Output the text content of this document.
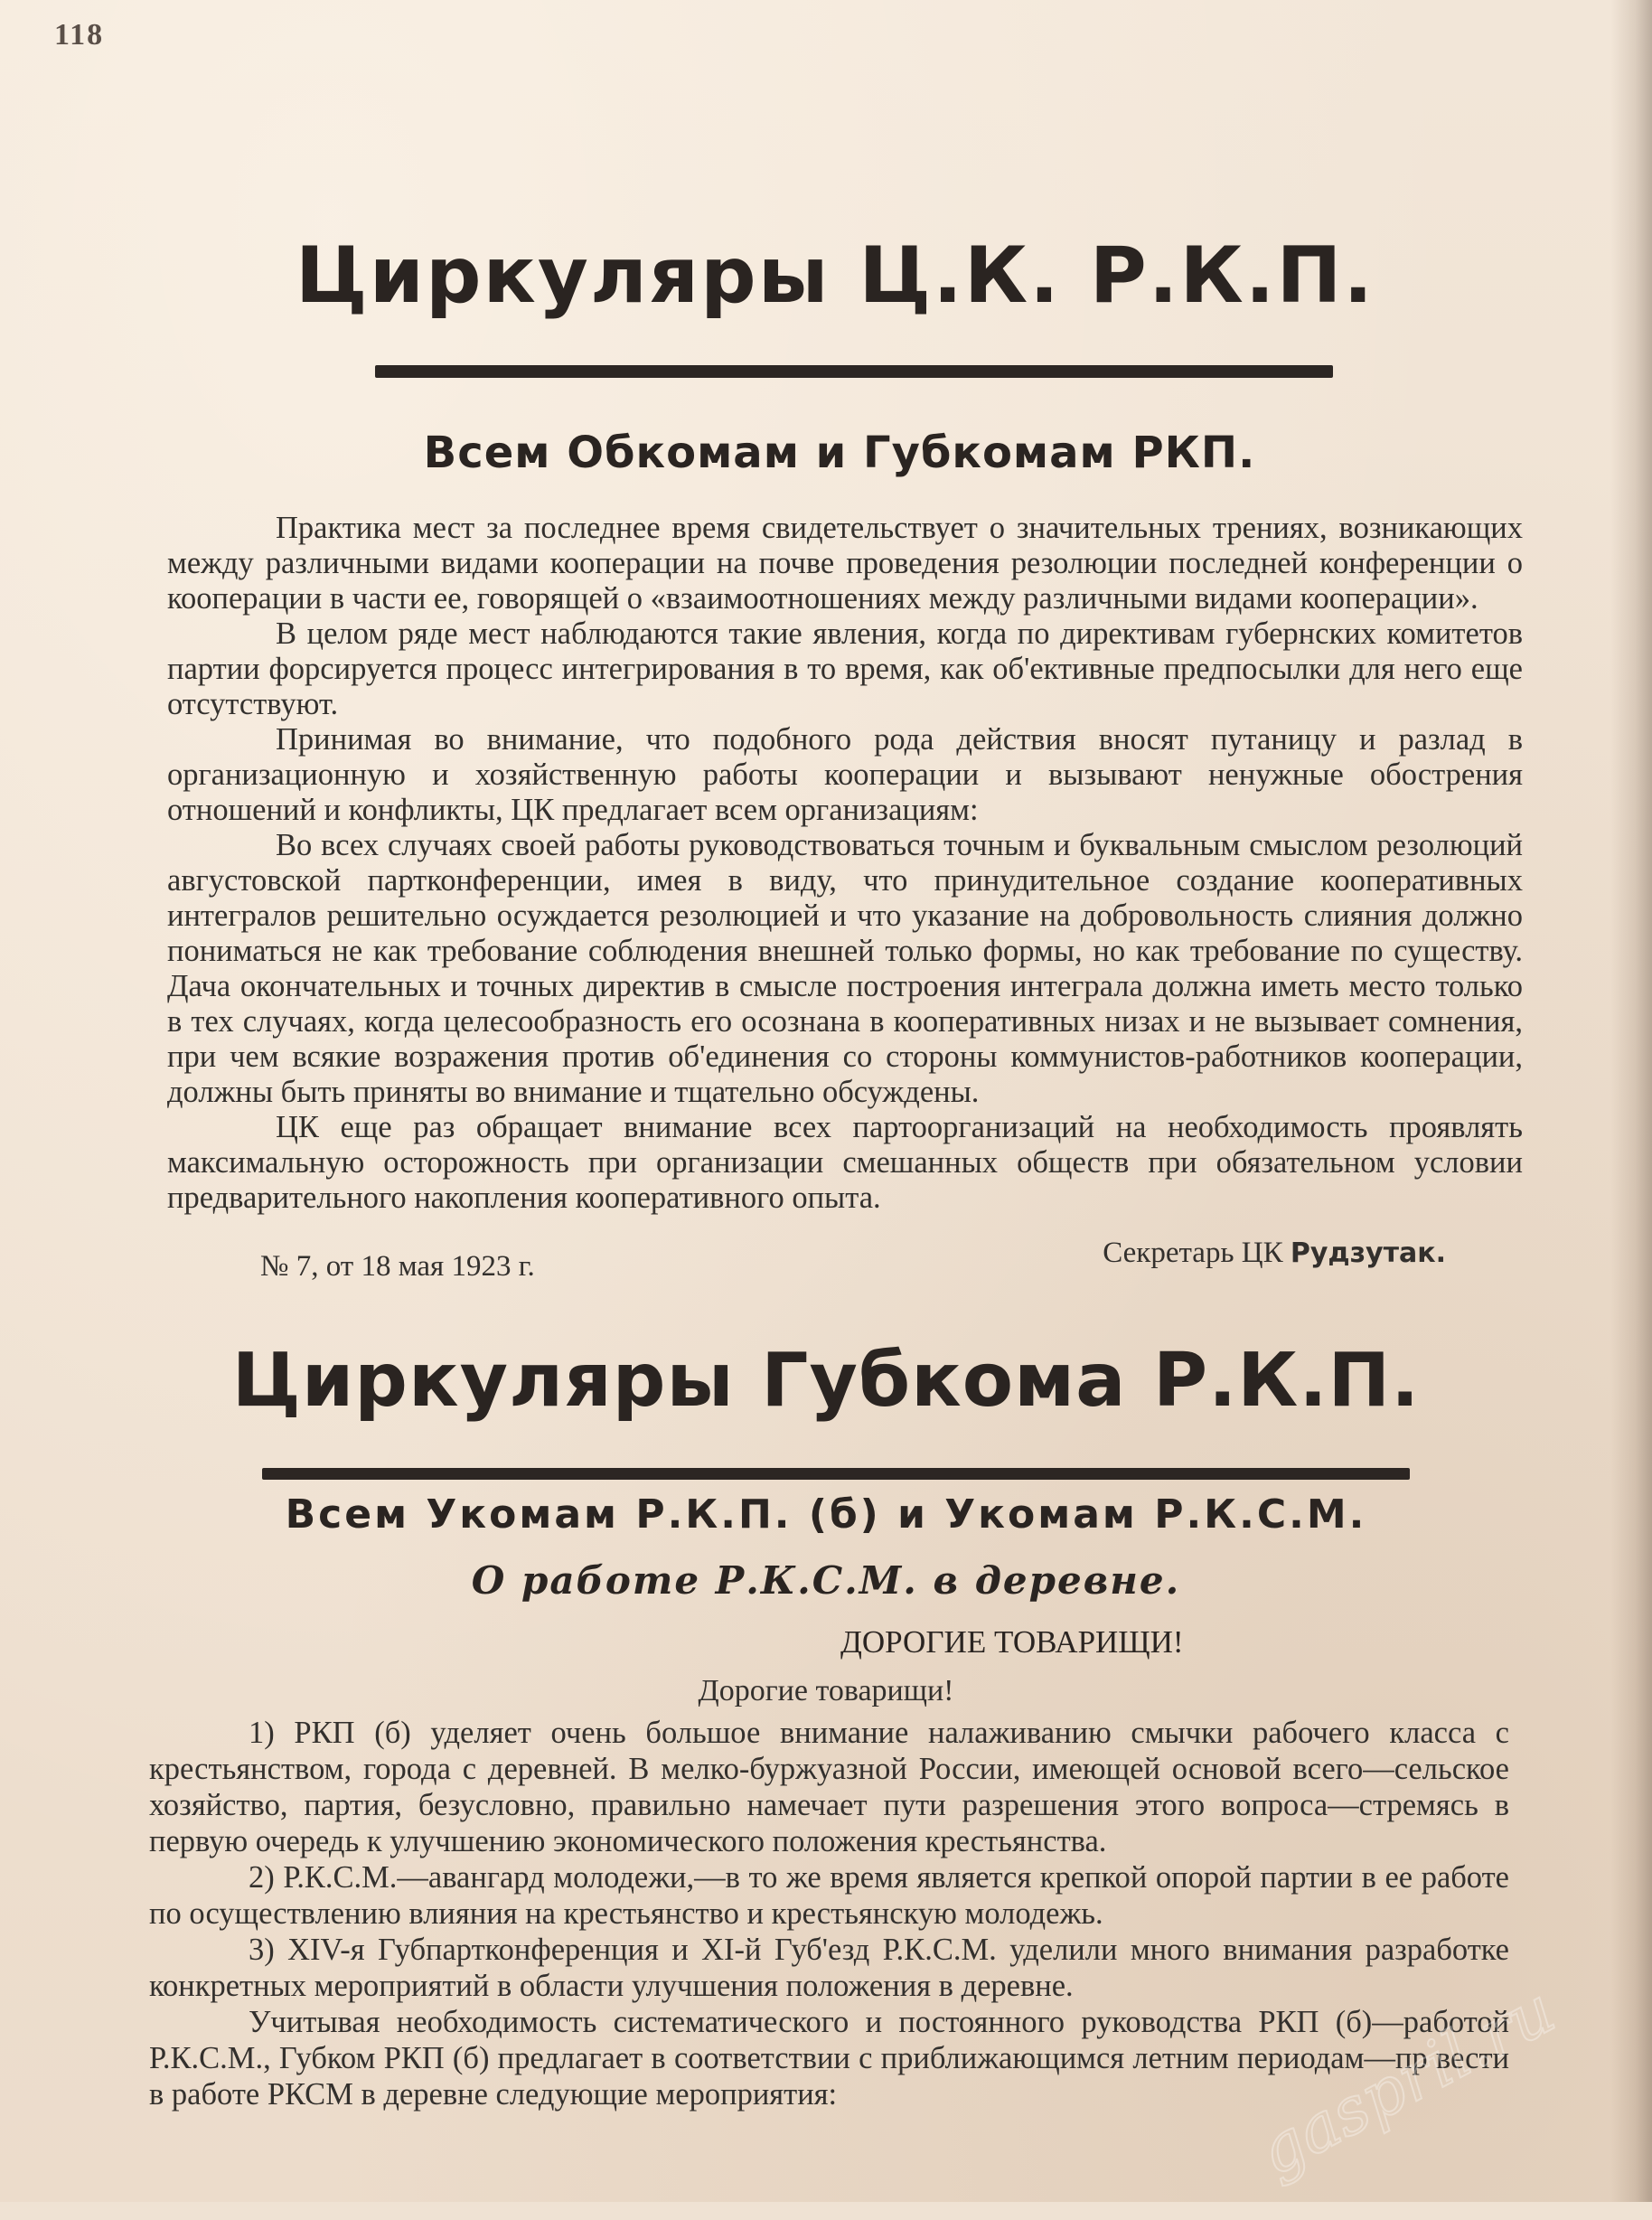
118
Циркуляры Ц.К. Р.К.П.
Всем Обкомам и Губкомам РКП.

Практика мест за последнее время свидетельствует о значительных трениях, возникающих между различными видами кооперации на почве проведения резолюции последней конференции о кооперации в части ее, говорящей о «взаимоотношениях между различными видами кооперации».

В целом ряде мест наблюдаются такие явления, когда по директивам губернских комитетов партии форсируется процесс интегрирования в то время, как об'ективные предпосылки для него еще отсутствуют.

Принимая во внимание, что подобного рода действия вносят путаницу и разлад в организационную и хозяйственную работы кооперации и вызывают ненужные обострения отношений и конфликты, ЦК предлагает всем организациям:

Во всех случаях своей работы руководствоваться точным и буквальным смыслом резолюций августовской партконференции, имея в виду, что принудительное создание кооперативных интегралов решительно осуждается резолюцией и что указание на добровольность слияния должно пониматься не как требование соблюдения внешней только формы, но как требование по существу. Дача окончательных и точных директив в смысле построения интеграла должна иметь место только в тех случаях, когда целесообразность его осознана в кооперативных низах и не вызывает сомнения, при чем всякие возражения против об'единения со стороны коммунистов-работников кооперации, должны быть приняты во внимание и тщательно обсуждены.

ЦК еще раз обращает внимание всех партоорганизаций на необходимость проявлять максимальную осторожность при организации смешанных обществ при обязательном условии предварительного накопления кооперативного опыта.

Секретарь ЦК Рудзутак.
№ 7, от 18 мая 1923 г.
Циркуляры Губкома Р.К.П.
Всем Укомам Р.К.П. (б) и Укомам Р.К.С.М.
О работе Р.К.С.М. в деревне.
ДОРОГИЕ ТОВАРИЩИ!
Дорогие товарищи!

1) РКП (б) уделяет очень большое внимание налаживанию смычки рабочего класса с крестьянством, города с деревней. В мелко-буржуазной России, имеющей основой всего—сельское хозяйство, партия, безусловно, правильно намечает пути разрешения этого вопроса—стремясь в первую очередь к улучшению экономического положения крестьянства.

2) Р.К.С.М.—авангард молодежи,—в то же время является крепкой опорой партии в ее работе по осуществлению влияния на крестьянство и крестьянскую молодежь.

3) XIV-я Губпартконференция и XI-й Губ'езд Р.К.С.М. уделили много внимания разработке конкретных мероприятий в области улучшения положения в деревне.

Учитывая необходимость систематического и постоянного руководства РКП (б)—работой Р.К.С.М., Губком РКП (б) предлагает в соответствии с приближающимся летним периодам—пр вести в работе РКСМ в деревне следующие мероприятия:	gaspril.ru
